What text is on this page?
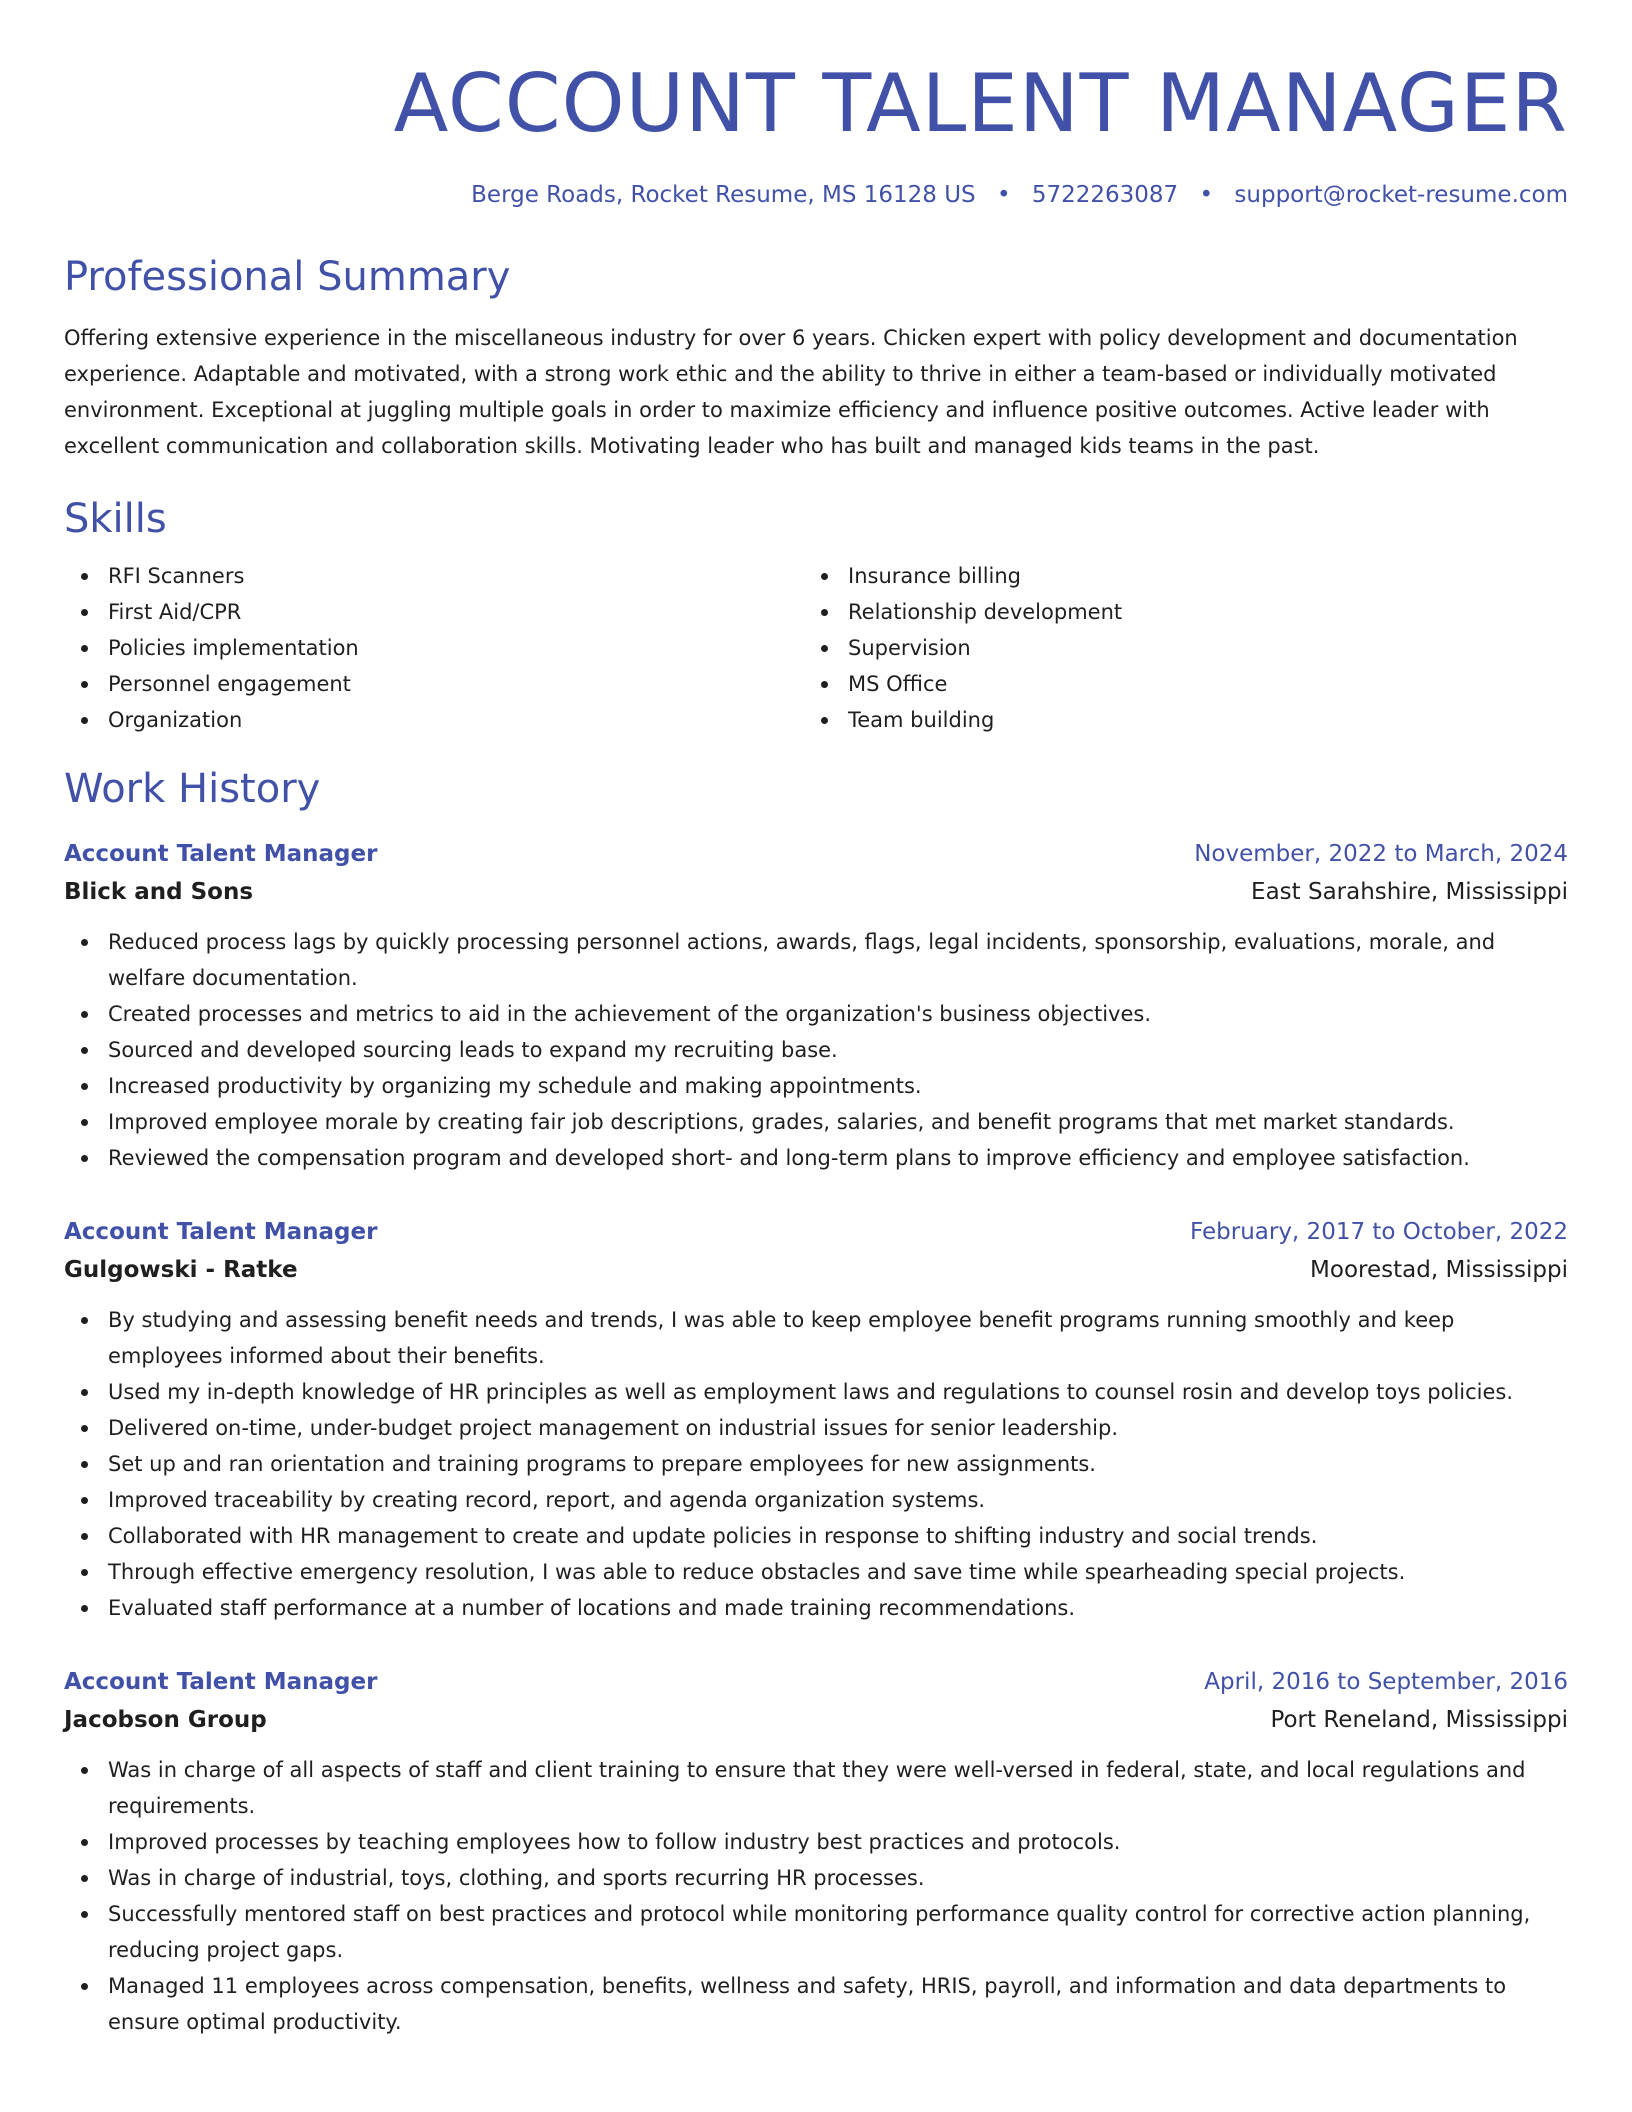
ACCOUNT TALENT MANAGER
Berge Roads, Rocket Resume, MS 16128 US • 5722263087 • support@rocket-resume.com
Professional Summary
Offering extensive experience in the miscellaneous industry for over 6 years. Chicken expert with policy development and documentation experience. Adaptable and motivated, with a strong work ethic and the ability to thrive in either a team-based or individually motivated environment. Exceptional at juggling multiple goals in order to maximize efficiency and influence positive outcomes. Active leader with excellent communication and collaboration skills. Motivating leader who has built and managed kids teams in the past.
Skills
RFI Scanners
First Aid/CPR
Policies implementation
Personnel engagement
Organization
Insurance billing
Relationship development
Supervision
MS Office
Team building
Work History
Account Talent Manager	November, 2022 to March, 2024
Blick and Sons	East Sarahshire, Mississippi
Reduced process lags by quickly processing personnel actions, awards, flags, legal incidents, sponsorship, evaluations, morale, and welfare documentation.
Created processes and metrics to aid in the achievement of the organization's business objectives.
Sourced and developed sourcing leads to expand my recruiting base.
Increased productivity by organizing my schedule and making appointments.
Improved employee morale by creating fair job descriptions, grades, salaries, and benefit programs that met market standards.
Reviewed the compensation program and developed short- and long-term plans to improve efficiency and employee satisfaction.
Account Talent Manager	February, 2017 to October, 2022
Gulgowski - Ratke	Moorestad, Mississippi
By studying and assessing benefit needs and trends, I was able to keep employee benefit programs running smoothly and keep employees informed about their benefits.
Used my in-depth knowledge of HR principles as well as employment laws and regulations to counsel rosin and develop toys policies.
Delivered on-time, under-budget project management on industrial issues for senior leadership.
Set up and ran orientation and training programs to prepare employees for new assignments.
Improved traceability by creating record, report, and agenda organization systems.
Collaborated with HR management to create and update policies in response to shifting industry and social trends.
Through effective emergency resolution, I was able to reduce obstacles and save time while spearheading special projects.
Evaluated staff performance at a number of locations and made training recommendations.
Account Talent Manager	April, 2016 to September, 2016
Jacobson Group	Port Reneland, Mississippi
Was in charge of all aspects of staff and client training to ensure that they were well-versed in federal, state, and local regulations and requirements.
Improved processes by teaching employees how to follow industry best practices and protocols.
Was in charge of industrial, toys, clothing, and sports recurring HR processes.
Successfully mentored staff on best practices and protocol while monitoring performance quality control for corrective action planning, reducing project gaps.
Managed 11 employees across compensation, benefits, wellness and safety, HRIS, payroll, and information and data departments to ensure optimal productivity.
